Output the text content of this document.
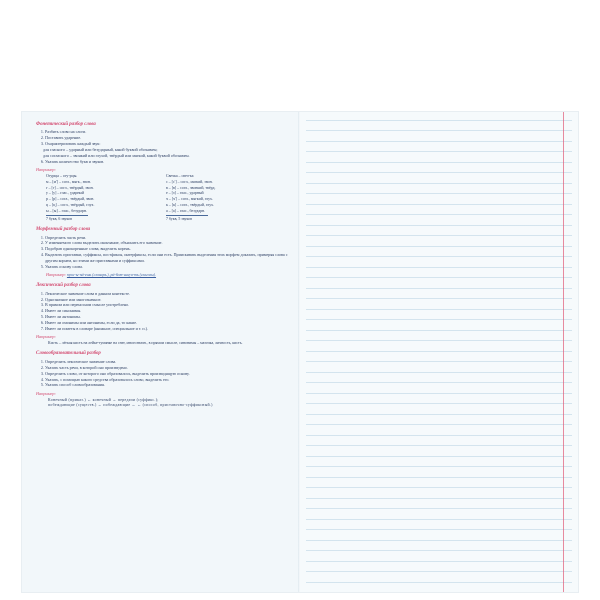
Фонетический разбор слова
1. Разбить слово на слоги.
2. Поставить ударение.
3. Охарактеризовать каждый звук:
для гласного – ударный или безударный, какой буквой обозначен;
для согласного – звонкий или глухой, твёрдый или мягкий, какой буквой обозначен.
6. Указать количество букв и звуков.
Например:
Огурцы – огу-рцы.
м – [м'] – согл., мягк., звон.
г – [г] – согл., твёрдый, звон.
у – [у] – глас., ударный
р – [р] – согл., твёрдый, звон.
ц – [ц] – согл., твёрдый, глух.
ы – [ы] – глас., безударн.
7 букв, 6 звуков
Свечка – свеч-ка
с – [с'] – согл., мягкий, звон.
в – [в] – согл., звонкий, твёрд.
е – [э] – глас., ударный
ч – [ч'] – согл., мягкий, глух.
к – [к] – согл., твёрдый, глух.
а – [а] – глас., безударн.
7 букв, 5 звуков
Морфемный разбор слова
1. Определить часть речи.
2. У изменяемого слова выделить окончание, объяснить его значение.
3. Подобрав однокоренные слова, выделить корень.
4. Выделить приставки, суффиксы, постфиксы, интерфиксы, если они есть. Приискивать выделения этих морфем доказать, примеряя слова с другим корнем, но этими же приставками и суффиксами.
5. Указать основу слова.
Например: прос-ы-пá-ешь (словарь.), рá-бот-ниц-а-ть (глаголы).
Лексический разбор слова
1. Лексическое значение слова в данном контексте.
2. Однозначное или многозначное.
3. В прямом или переносном смысле употреблено.
4. Имеет ли синонимы.
5. Имеет ли антонимы.
6. Имеет ли омонимы или антонимы, если да, то какие.
7. Имеет ли пометы в словаре (книжное, специальное и т. п.).
Например:
Кисть – лёгкая кисть на лейке-туманке на снег, многозначн., в прямом смысле, синонимы – мазочка, личность, кисть.
Словообразовательный разбор
1. Определить лексическое значение слова.
2. Указать часть речи, в которой оно произведено.
3. Определить слово, от которого оно образовалось, выделить производящую основу.
4. Указать, с помощью какого средства образовалось слово, выделить его.
5. Указать способ словообразования.
Например:
Конечный (приказ.) ← конечный → передачи (суффикс.);
побеждающие (существ.) ← побеждающие ← ← (способ, приставочно-суффиксный.)
